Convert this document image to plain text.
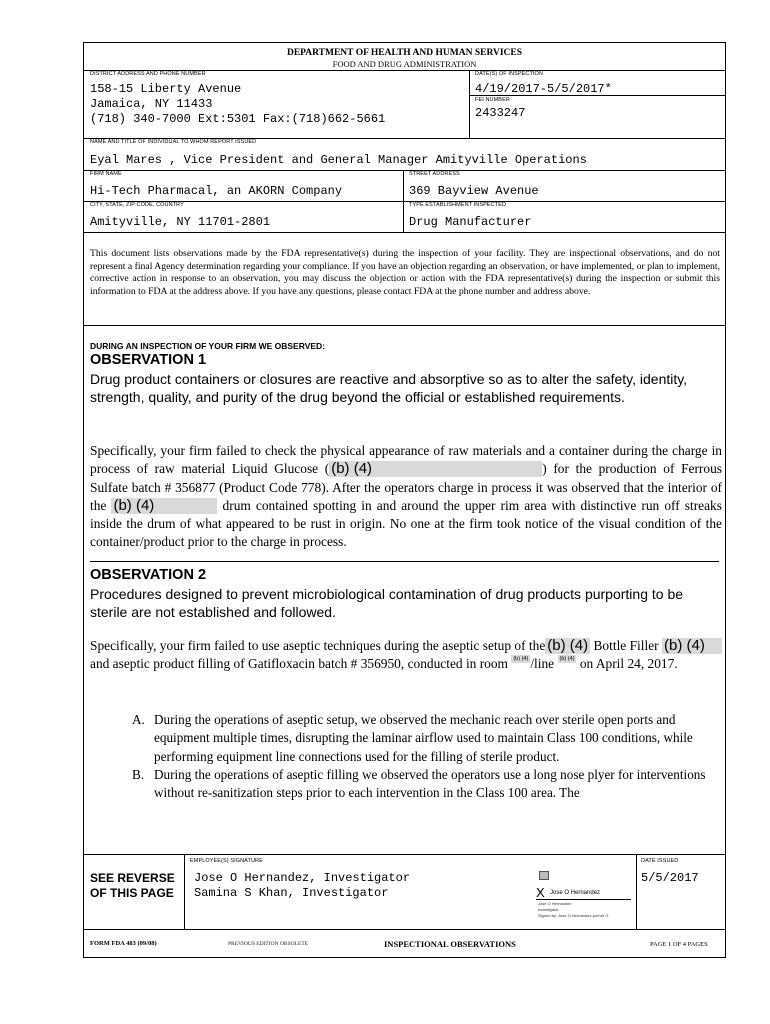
DEPARTMENT OF HEALTH AND HUMAN SERVICES
FOOD AND DRUG ADMINISTRATION
DISTRICT ADDRESS AND PHONE NUMBER
158-15 Liberty Avenue
Jamaica, NY 11433
(718) 340-7000 Ext:5301 Fax:(718)662-5661
DATE(S) OF INSPECTION
4/19/2017-5/5/2017*
FEI NUMBER
2433247
NAME AND TITLE OF INDIVIDUAL TO WHOM REPORT ISSUED
Eyal Mares , Vice President and General Manager Amityville Operations
FIRM NAME
Hi-Tech Pharmacal, an AKORN Company
STREET ADDRESS
369 Bayview Avenue
CITY, STATE, ZIP CODE, COUNTRY
Amityville, NY 11701-2801
TYPE ESTABLISHMENT INSPECTED
Drug Manufacturer
This document lists observations made by the FDA representative(s) during the inspection of your facility. They are inspectional observations, and do not represent a final Agency determination regarding your compliance. If you have an objection regarding an observation, or have implemented, or plan to implement, corrective action in response to an observation, you may discuss the objection or action with the FDA representative(s) during the inspection or submit this information to FDA at the address above. If you have any questions, please contact FDA at the phone number and address above.
DURING AN INSPECTION OF YOUR FIRM WE OBSERVED:
OBSERVATION 1
Drug product containers or closures are reactive and absorptive so as to alter the safety, identity, strength, quality, and purity of the drug beyond the official or established requirements.
Specifically, your firm failed to check the physical appearance of raw materials and a container during the charge in process of raw material Liquid Glucose ( (b) (4)	) for the production of Ferrous Sulfate batch # 356877 (Product Code 778). After the operators charge in process it was observed that the interior of the (b) (4)	drum contained spotting in and around the upper rim area with distinctive run off streaks inside the drum of what appeared to be rust in origin. No one at the firm took notice of the visual condition of the container/product prior to the charge in process.
OBSERVATION 2
Procedures designed to prevent microbiological contamination of drug products purporting to be sterile are not established and followed.
Specifically, your firm failed to use aseptic techniques during the aseptic setup of the (b) (4) Bottle Filler (b) (4) and aseptic product filling of Gatifloxacin batch # 356950, conducted in room (b) (4) /line (b) (4) on April 24, 2017.
A. During the operations of aseptic setup, we observed the mechanic reach over sterile open ports and equipment multiple times, disrupting the laminar airflow used to maintain Class 100 conditions, while performing equipment line connections used for the filling of sterile product.
B. During the operations of aseptic filling we observed the operators use a long nose plyer for interventions without re-sanitization steps prior to each intervention in the Class 100 area. The
SEE REVERSE
OF THIS PAGE
EMPLOYEE(S) SIGNATURE
Jose O Hernandez, Investigator
Samina S Khan, Investigator	X Jose O Hernandez
Jose O Hernandez
Investigator
Signed by: Jose O Hernandez-purhdr G
DATE ISSUED
5/5/2017
FORM FDA 483 (09/08)	PREVIOUS EDITION OBSOLETE	INSPECTIONAL OBSERVATIONS	PAGE 1 OF 4 PAGES
